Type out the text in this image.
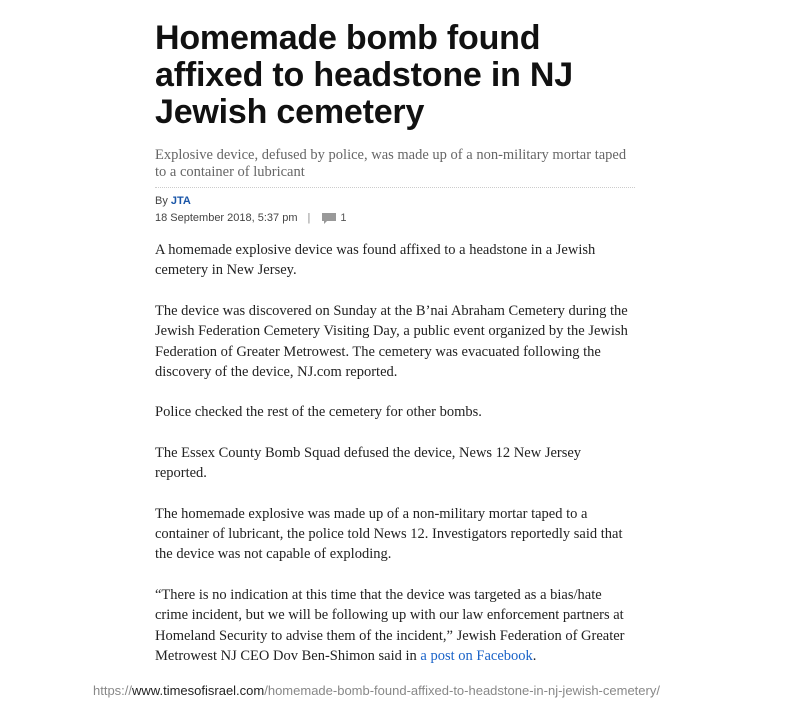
Homemade bomb found affixed to headstone in NJ Jewish cemetery
Explosive device, defused by police, was made up of a non-military mortar taped to a container of lubricant
By JTA
18 September 2018, 5:37 pm |	1

A homemade explosive device was found affixed to a headstone in a Jewish cemetery in New Jersey.

The device was discovered on Sunday at the B’nai Abraham Cemetery during the Jewish Federation Cemetery Visiting Day, a public event organized by the Jewish Federation of Greater Metrowest. The cemetery was evacuated following the discovery of the device, NJ.com reported.

Police checked the rest of the cemetery for other bombs.

The Essex County Bomb Squad defused the device, News 12 New Jersey reported.

The homemade explosive was made up of a non-military mortar taped to a container of lubricant, the police told News 12. Investigators reportedly said that the device was not capable of exploding.

“There is no indication at this time that the device was targeted as a bias/hate crime incident, but we will be following up with our law enforcement partners at Homeland Security to advise them of the incident,” Jewish Federation of Greater Metrowest NJ CEO Dov Ben-Shimon said in a post on Facebook.

https://www.timesofisrael.com/homemade-bomb-found-affixed-to-headstone-in-nj-jewish-cemetery/
